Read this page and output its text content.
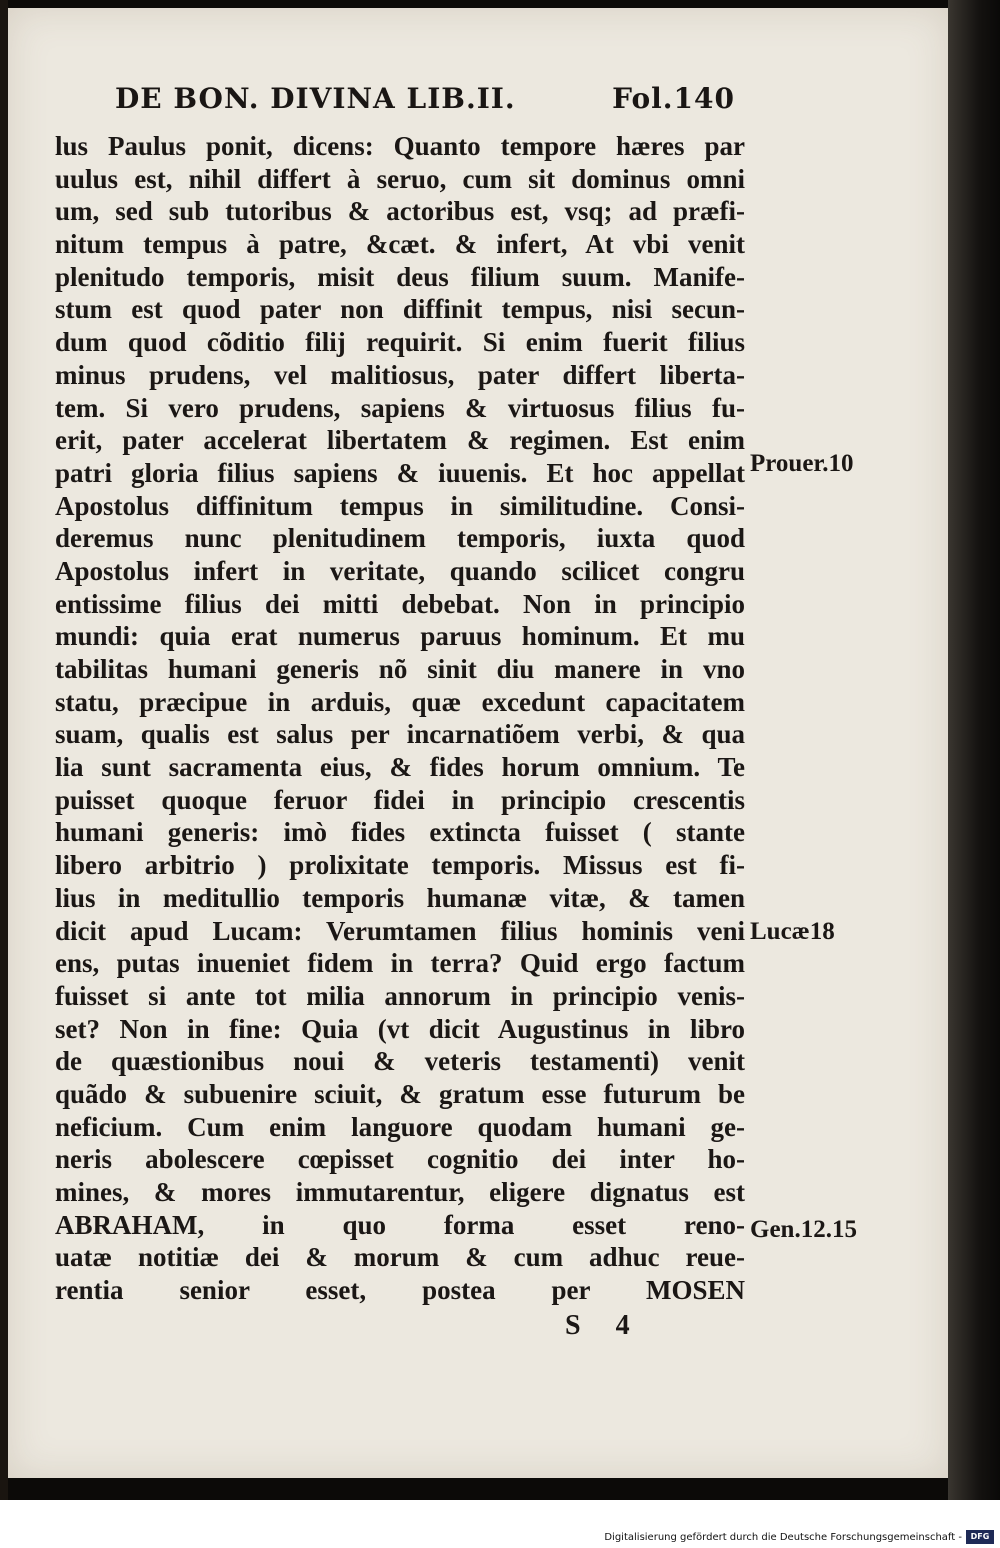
DE BON. DIVINA LIB.II.	Fol.140
lus Paulus ponit, dicens: Quanto tempore hæres par
uulus est, nihil differt à seruo, cum sit dominus omni
um, sed sub tutoribus & actoribus est, vsq; ad præfi-
nitum tempus à patre, &cæt. & infert, At vbi venit
plenitudo temporis, misit deus filium suum. Manife-
stum est quod pater non diffinit tempus, nisi secun-
dum quod cõditio filij requirit. Si enim fuerit filius
minus prudens, vel malitiosus, pater differt liberta-
tem. Si vero prudens, sapiens & virtuosus filius fu-
erit, pater accelerat libertatem & regimen. Est enim
patri gloria filius sapiens & iuuenis. Et hoc appellat
Apostolus diffinitum tempus in similitudine. Consi-
deremus nunc plenitudinem temporis, iuxta quod
Apostolus infert in veritate, quando scilicet congru
entissime filius dei mitti debebat. Non in principio
mundi: quia erat numerus paruus hominum. Et mu
tabilitas humani generis nõ sinit diu manere in vno
statu, præcipue in arduis, quæ excedunt capacitatem
suam, qualis est salus per incarnatiõem verbi, & qua
lia sunt sacramenta eius, & fides horum omnium. Te
puisset quoque feruor fidei in principio crescentis
humani generis: imò fides extincta fuisset ( stante
libero arbitrio ) prolixitate temporis. Missus est fi-
lius in meditullio temporis humanæ vitæ, & tamen
dicit apud Lucam: Verumtamen filius hominis veni
ens, putas inueniet fidem in terra? Quid ergo factum
fuisset si ante tot milia annorum in principio venis-
set? Non in fine: Quia (vt dicit Augustinus in libro
de quæstionibus noui & veteris testamenti) venit
quãdo & subuenire sciuit, & gratum esse futurum be
neficium. Cum enim languore quodam humani ge-
neris abolescere cœpisset cognitio dei inter ho-
mines, & mores immutarentur, eligere dignatus est
ABRAHAM, in quo forma esset reno-
uatæ notitiæ dei & morum & cum adhuc reue-
rentia senior esset, postea per MOSEN
Prouer.10
Lucæ18
Gen.12.15
S 4
Digitalisierung gefördert durch die Deutsche Forschungsgemeinschaft -	DFG
